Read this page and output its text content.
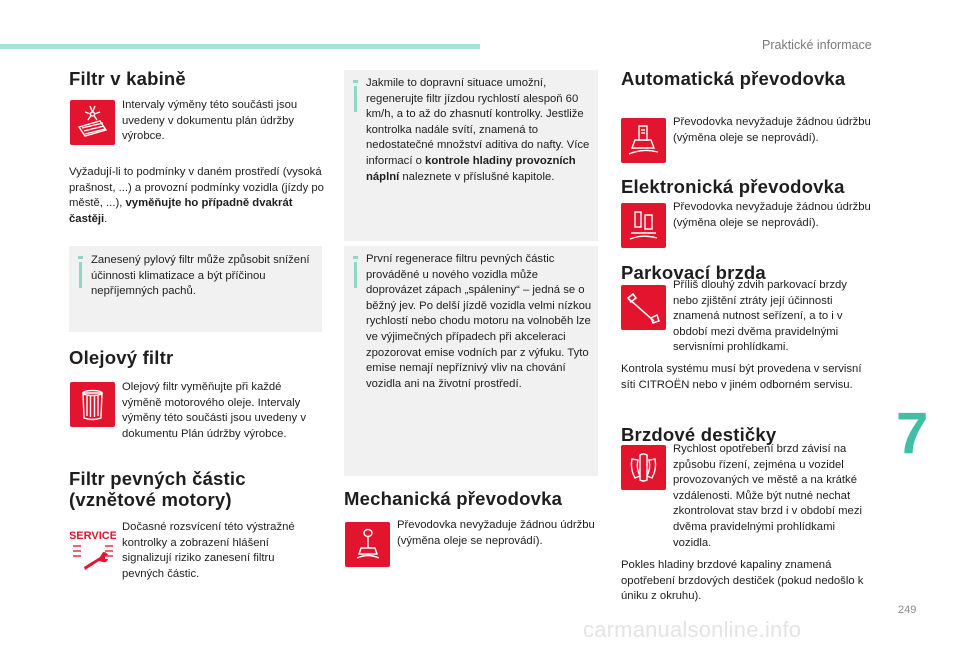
Praktické informace
7
249
carmanualsonline.info
Filtr v kabině
Intervaly výměny této součásti jsou uvedeny v dokumentu plán údržby výrobce.
Vyžadují-li to podmínky v daném prostředí (vysoká prašnost, ...) a provozní podmínky vozidla (jízdy po městě, ...), vyměňujte ho případně dvakrát častěji.
Zanesený pylový filtr může způsobit snížení účinnosti klimatizace a být příčinou nepříjemných pachů.
Olejový filtr
Olejový filtr vyměňujte při každé výměně motorového oleje. Intervaly výměny této součásti jsou uvedeny v dokumentu Plán údržby výrobce.
Filtr pevných částic
(vznětové motory)
SERVICE
Dočasné rozsvícení této výstražné kontrolky a zobrazení hlášení signalizují riziko zanesení filtru pevných částic.
Jakmile to dopravní situace umožní, regenerujte filtr jízdou rychlostí alespoň 60 km/h, a to až do zhasnutí kontrolky. Jestliže kontrolka nadále svítí, znamená to nedostatečné množství aditiva do nafty. Více informací o kontrole hladiny provozních náplní naleznete v příslušné kapitole.
První regenerace filtru pevných částic prováděné u nového vozidla může doprovázet zápach „spáleniny“ – jedná se o běžný jev. Po delší jízdě vozidla velmi nízkou rychlostí nebo chodu motoru na volnoběh lze ve výjimečných případech při akceleraci zpozorovat emise vodních par z výfuku. Tyto emise nemají nepříznivý vliv na chování vozidla ani na životní prostředí.
Mechanická převodovka
Převodovka nevyžaduje žádnou údržbu (výměna oleje se neprovádí).
Automatická převodovka
Převodovka nevyžaduje žádnou údržbu (výměna oleje se neprovádí).
Elektronická převodovka
Převodovka nevyžaduje žádnou údržbu (výměna oleje se neprovádí).
Parkovací brzda
Příliš dlouhý zdvih parkovací brzdy nebo zjištění ztráty její účinnosti znamená nutnost seřízení, a to i v období mezi dvěma pravidelnými servisními prohlídkami.
Kontrola systému musí být provedena v servisní síti CITROËN nebo v jiném odborném servisu.
Brzdové destičky
Rychlost opotřebení brzd závisí na způsobu řízení, zejména u vozidel provozovaných ve městě a na krátké vzdálenosti. Může být nutné nechat zkontrolovat stav brzd i v období mezi dvěma pravidelnými prohlídkami vozidla.
Pokles hladiny brzdové kapaliny znamená opotřebení brzdových destiček (pokud nedošlo k úniku z okruhu).
